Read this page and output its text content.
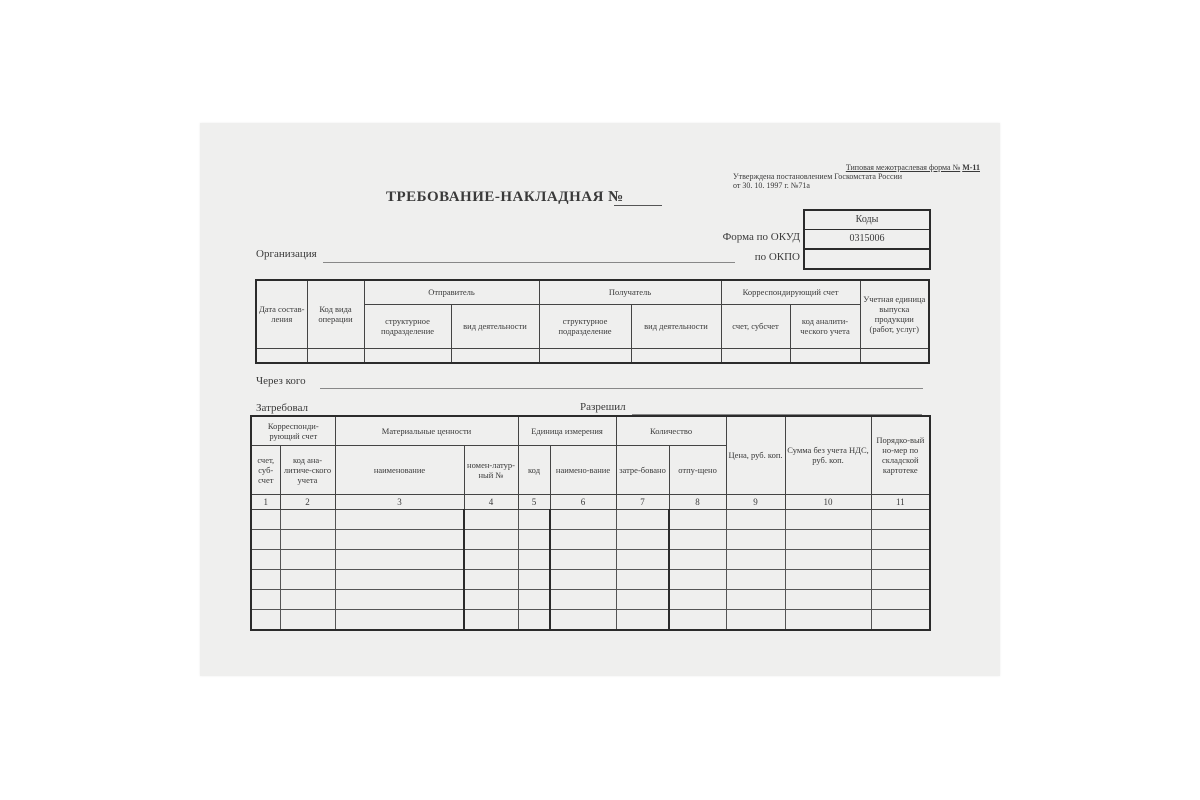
Типовая межотраслевая форма № М-11
Утверждена постановлением Госкомстата России
от 30. 10. 1997 г. №71а
ТРЕБОВАНИЕ-НАКЛАДНАЯ №
Форма по ОКУД
по ОКПО
Коды
0315006
Организация
Дата состав-ления	Код вида операции	Отправитель		Получатель		Корреспондирующий счет		Учетная единица выпуска продукции (работ, услуг)
		структурное подразделение	вид деятельности	структурное подразделение	вид деятельности	счет, субсчет	код аналити-ческого учета	

Через кого
Затребовал	Разрешил
Корреспонди-рующий счет		Материальные ценности		Единица измерения		Количество		Цена, руб. коп.	Сумма без учета НДС, руб. коп.	Порядко-вый но-мер по складской картотеке
счет, суб-счет	код ана-литиче-ского учета	наименование	номен-латур-ный №	код	наимено-вание	затре-бовано	отпу-щено			
1	2	3	4	5	6	7	8	9	10	11
